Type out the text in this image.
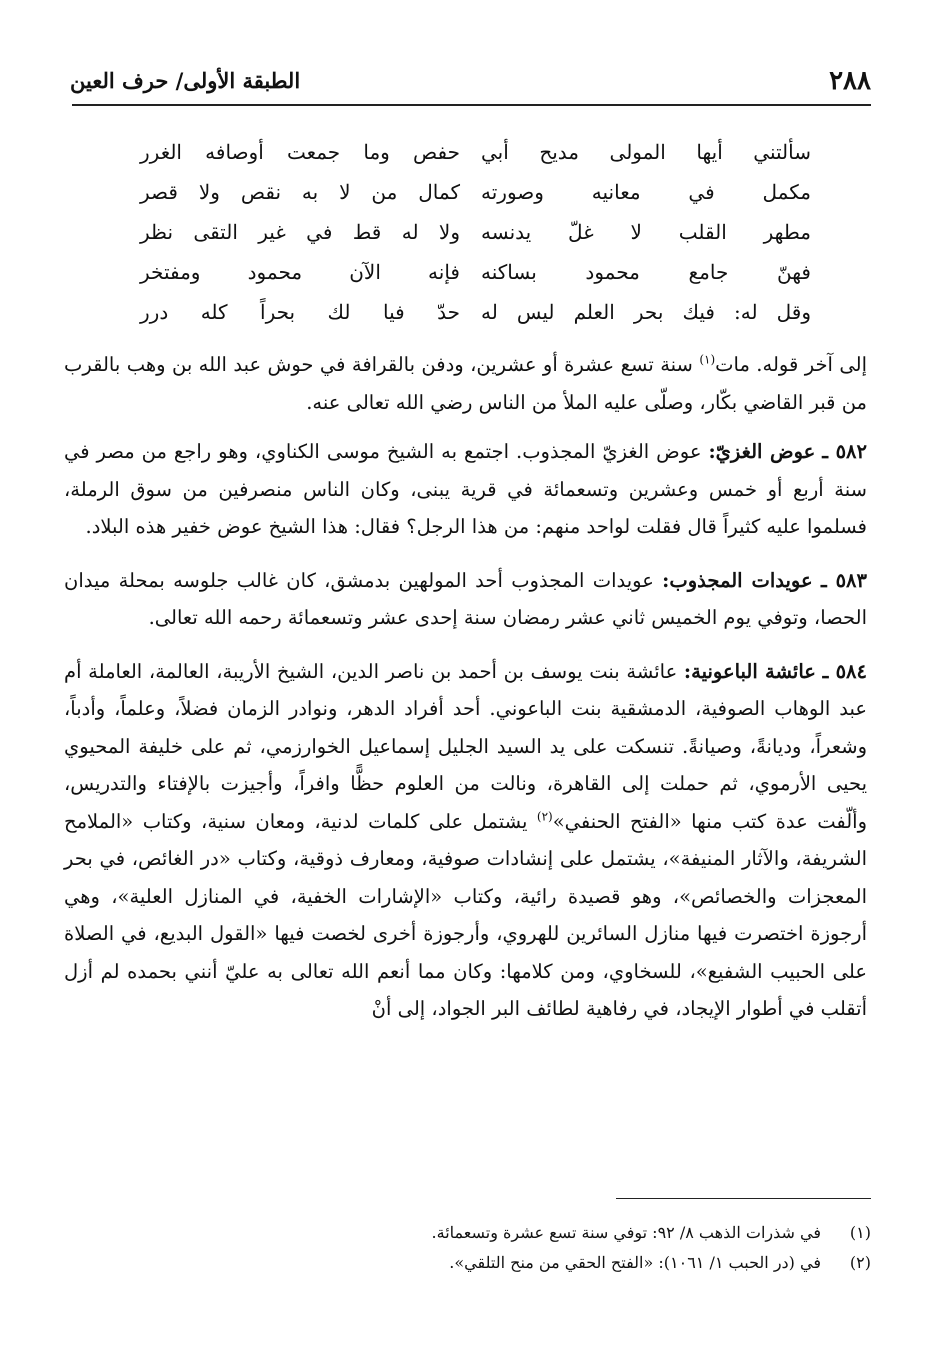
٢٨٨
الطبقة الأولى/ حرف العين
سألتني أيها المولى مديح أبي
حفص وما جمعت أوصافه الغرر
مكمل في معانيه وصورته
كمال من لا به نقص ولا قصر
مطهر القلب لا غلّ يدنسه
ولا له قط في غير التقى نظر
فهنّ جامع محمود بساكنه
فإنه الآن محمود ومفتخر
وقل له: فيك بحر العلم ليس له
حدّ فيا لك بحراً كله درر

إلى آخر قوله. مات$^{(١)}$ سنة تسع عشرة أو عشرين، ودفن بالقرافة في حوش عبد الله بن وهب بالقرب من قبر القاضي بكّار، وصلّى عليه الملأ من الناس رضي الله تعالى عنه.

٥٨٢ ـ عوض الغزيّ: عوض الغزيّ المجذوب. اجتمع به الشيخ موسى الكناوي، وهو راجع من مصر في سنة أربع أو خمس وعشرين وتسعمائة في قرية يبنى، وكان الناس منصرفين من سوق الرملة، فسلموا عليه كثيراً قال فقلت لواحد منهم: من هذا الرجل؟ فقال: هذا الشيخ عوض خفير هذه البلاد.

٥٨٣ ـ عويدات المجذوب: عويدات المجذوب أحد المولهين بدمشق، كان غالب جلوسه بمحلة ميدان الحصا، وتوفي يوم الخميس ثاني عشر رمضان سنة إحدى عشر وتسعمائة رحمه الله تعالى.

٥٨٤ ـ عائشة الباعونية: عائشة بنت يوسف بن أحمد بن ناصر الدين، الشيخ الأريبة، العالمة، العاملة أم عبد الوهاب الصوفية، الدمشقية بنت الباعوني. أحد أفراد الدهر، ونوادر الزمان فضلاً، وعلماً، وأدباً، وشعراً، وديانةً، وصيانةً. تنسكت على يد السيد الجليل إسماعيل الخوارزمي، ثم على خليفة المحيوي يحيى الأرموي، ثم حملت إلى القاهرة، ونالت من العلوم حظًّا وافراً، وأجيزت بالإفتاء والتدريس، وألّفت عدة كتب منها «الفتح الحنفي»$^{(٢)}$ يشتمل على كلمات لدنية، ومعان سنية، وكتاب «الملامح الشريفة، والآثار المنيفة»، يشتمل على إنشادات صوفية، ومعارف ذوقية، وكتاب «در الغائص، في بحر المعجزات والخصائص»، وهو قصيدة رائية، وكتاب «الإشارات الخفية، في المنازل العلية»، وهي أرجوزة اختصرت فيها منازل السائرين للهروي، وأرجوزة أخرى لخصت فيها «القول البديع، في الصلاة على الحبيب الشفيع»، للسخاوي، ومن كلامها: وكان مما أنعم الله تعالى به عليّ أنني بحمده لم أزل أتقلب في أطوار الإيجاد، في رفاهية لطائف البر الجواد، إلى أنْ

(١)
في شذرات الذهب ٨/ ٩٢: توفي سنة تسع عشرة وتسعمائة.
(٢)
في (در الحبب ١/ ١٠٦١): «الفتح الحقي من منح التلقي».
